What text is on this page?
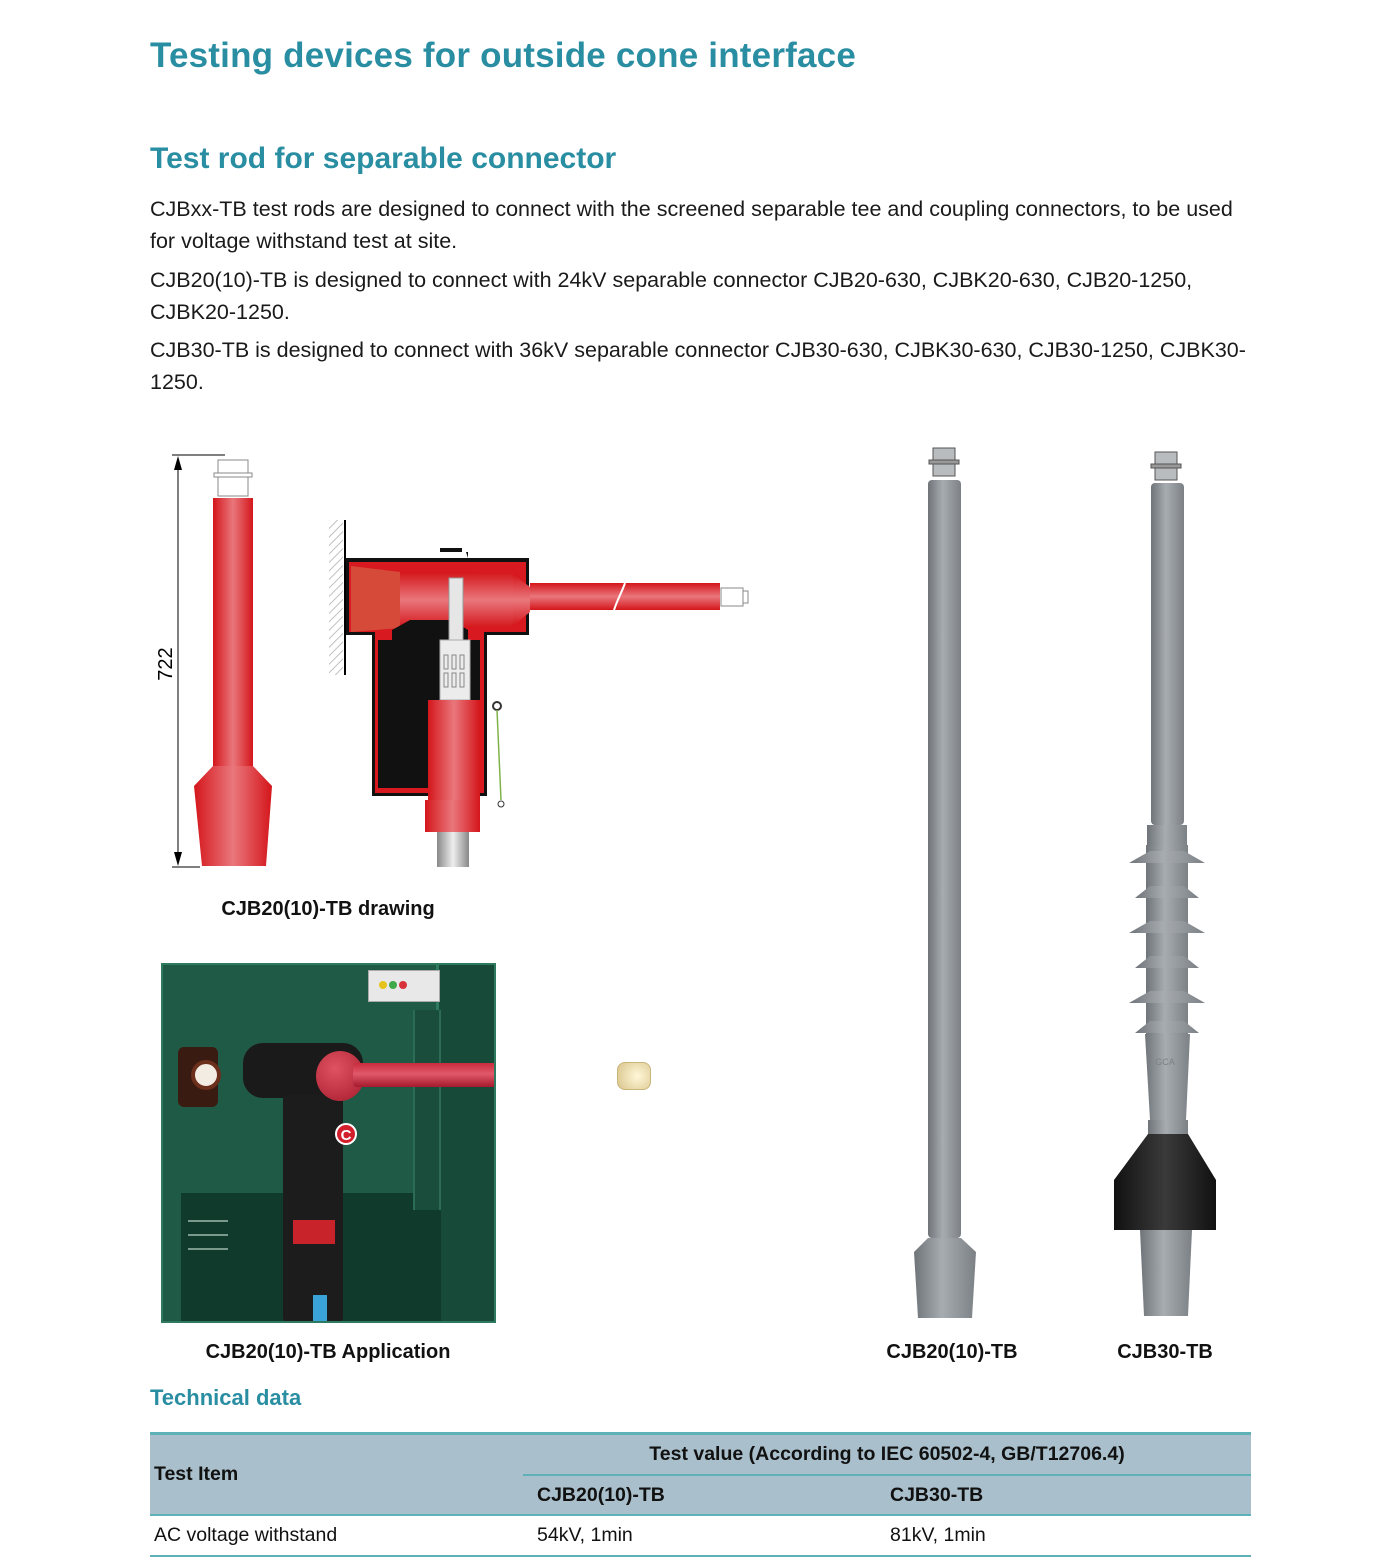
Testing devices for outside cone interface
Test rod for separable connector
CJBxx-TB test rods are designed to connect with the screened separable tee and coupling connectors, to be used for voltage withstand test at site.
CJB20(10)-TB is designed to connect with 24kV separable connector CJB20-630, CJBK20-630, CJB20-1250, CJBK20-1250.
CJB30-TB is designed to connect with 36kV separable connector CJB30-630, CJBK30-630, CJB30-1250, CJBK30-1250.
722
GCA
CJB20(10)-TB drawing
C
CJB20(10)-TB Application	CJB20(10)-TB	CJB30-TB
Technical data
Test Item	Test value (According to IEC 60502-4, GB/T12706.4)	
	CJB20(10)-TB	CJB30-TB
AC voltage withstand	54kV, 1min	81kV, 1min
